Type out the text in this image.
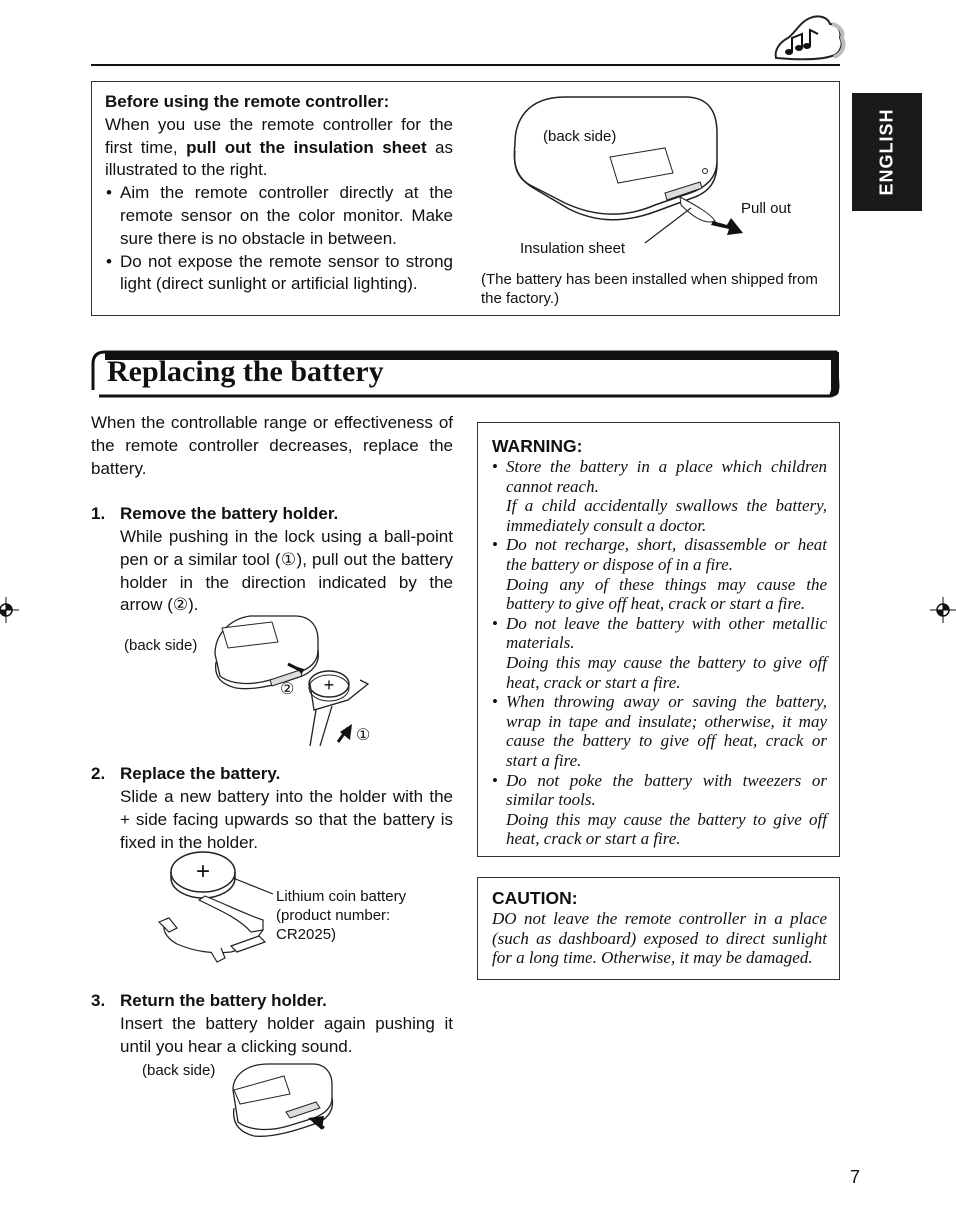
ENGLISH
Before using the remote controller:
When you use the remote controller for the first time, pull out the insulation sheet as illustrated to the right.
• Aim the remote controller directly at the remote sensor on the color monitor. Make sure there is no obstacle in between.
• Do not expose the remote sensor to strong light (direct sunlight or artificial lighting).
(back side)
Pull out
Insulation sheet
(The battery has been installed when shipped from the factory.)
Replacing the battery
When the controllable range or effectiveness of the remote controller decreases, replace the battery.
1. Remove the battery holder.
While pushing in the lock using a ball-point pen or a similar tool (①), pull out the battery holder in the direction indicated by the arrow (②).
2. Replace the battery.
Slide a new battery into the holder with the + side facing upwards so that the battery is fixed in the holder.
3. Return the battery holder.
Insert the battery holder again pushing it until you hear a clicking sound.
(back side)
+
②
①
+
Lithium coin battery
(product number:
CR2025)
(back side)
WARNING:
• Store the battery in a place which children cannot reach.
If a child accidentally swallows the battery, immediately consult a doctor.
• Do not recharge, short, disassemble or heat the battery or dispose of in a fire.
Doing any of these things may cause the battery to give off heat, crack or start a fire.
• Do not leave the battery with other metallic materials.
Doing this may cause the battery to give off heat, crack or start a fire.
• When throwing away or saving the battery, wrap in tape and insulate; otherwise, it may cause the battery to give off heat, crack or start a fire.
• Do not poke the battery with tweezers or similar tools.
Doing this may cause the battery to give off heat, crack or start a fire.
CAUTION:
DO not leave the remote controller in a place (such as dashboard) exposed to direct sunlight for a long time. Otherwise, it may be damaged.
7
